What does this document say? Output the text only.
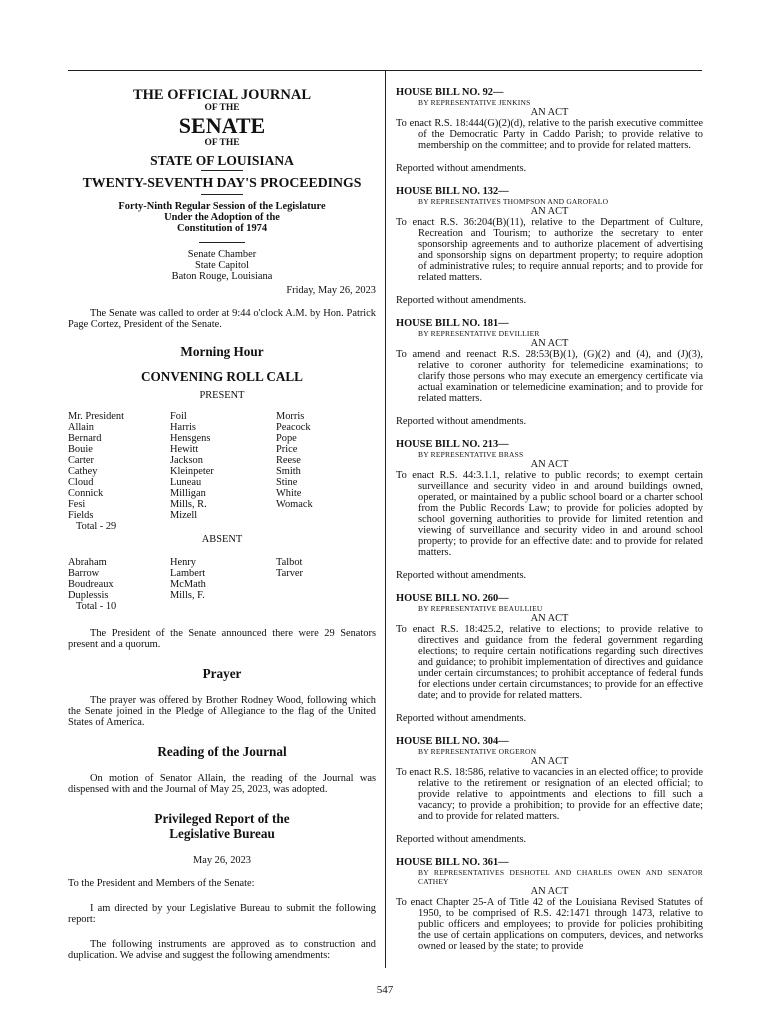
THE OFFICIAL JOURNAL
OF THE
SENATE
OF THE
STATE OF LOUISIANA
TWENTY-SEVENTH DAY'S PROCEEDINGS
Forty-Ninth Regular Session of the Legislature
Under the Adoption of the
Constitution of 1974
Senate Chamber
State Capitol
Baton Rouge, Louisiana
Friday, May 26, 2023

The Senate was called to order at 9:44 o'clock A.M. by Hon. Patrick Page Cortez, President of the Senate.

Morning Hour
CONVENING ROLL CALL
PRESENT
Mr. President
Allain
Bernard
Bouie
Carter
Cathey
Cloud
Connick
Fesi
Fields
Total - 29
Foil
Harris
Hensgens
Hewitt
Jackson
Kleinpeter
Luneau
Milligan
Mills, R.
Mizell
Morris
Peacock
Pope
Price
Reese
Smith
Stine
White
Womack
ABSENT
Abraham
Barrow
Boudreaux
Duplessis
Total - 10
Henry
Lambert
McMath
Mills, F.
Talbot
Tarver

The President of the Senate announced there were 29 Senators present and a quorum.

Prayer

The prayer was offered by Brother Rodney Wood, following which the Senate joined in the Pledge of Allegiance to the flag of the United States of America.

Reading of the Journal

On motion of Senator Allain, the reading of the Journal was dispensed with and the Journal of May 25, 2023, was adopted.

Privileged Report of the
Legislative Bureau
May 26, 2023

To the President and Members of the Senate:

I am directed by your Legislative Bureau to submit the following report:

The following instruments are approved as to construction and duplication. We advise and suggest the following amendments:

HOUSE BILL NO. 92—
BY REPRESENTATIVE JENKINS
AN ACT

To enact R.S. 18:444(G)(2)(d), relative to the parish executive committee of the Democratic Party in Caddo Parish; to provide relative to membership on the committee; and to provide for related matters.

Reported without amendments.

HOUSE BILL NO. 132—
BY REPRESENTATIVES THOMPSON AND GAROFALO
AN ACT

To enact R.S. 36:204(B)(11), relative to the Department of Culture, Recreation and Tourism; to authorize the secretary to enter sponsorship agreements and to authorize placement of advertising and sponsorship signs on department property; to require adoption of administrative rules; to require annual reports; and to provide for related matters.

Reported without amendments.

HOUSE BILL NO. 181—
BY REPRESENTATIVE DEVILLIER
AN ACT

To amend and reenact R.S. 28:53(B)(1), (G)(2) and (4), and (J)(3), relative to coroner authority for telemedicine examinations; to clarify those persons who may execute an emergency certificate via actual examination or telemedicine examination; and to provide for related matters.

Reported without amendments.

HOUSE BILL NO. 213—
BY REPRESENTATIVE BRASS
AN ACT

To enact R.S. 44:3.1.1, relative to public records; to exempt certain surveillance and security video in and around buildings owned, operated, or maintained by a public school board or a charter school from the Public Records Law; to provide for policies adopted by school governing authorities to provide for limited retention and viewing of surveillance and security video in and around school property; to provide for an effective date: and to provide for related matters.

Reported without amendments.

HOUSE BILL NO. 260—
BY REPRESENTATIVE BEAULLIEU
AN ACT

To enact R.S. 18:425.2, relative to elections; to provide relative to directives and guidance from the federal government regarding elections; to require certain notifications regarding such directives and guidance; to prohibit implementation of directives and guidance under certain circumstances; to prohibit acceptance of federal funds for elections under certain circumstances; to provide for an effective date; and to provide for related matters.

Reported without amendments.

HOUSE BILL NO. 304—
BY REPRESENTATIVE ORGERON
AN ACT

To enact R.S. 18:586, relative to vacancies in an elected office; to provide relative to the retirement or resignation of an elected official; to provide relative to appointments and elections to fill such a vacancy; to provide a prohibition; to provide for an effective date; and to provide for related matters.

Reported without amendments.

HOUSE BILL NO. 361—
BY REPRESENTATIVES DESHOTEL AND CHARLES OWEN AND SENATOR CATHEY
AN ACT

To enact Chapter 25-A of Title 42 of the Louisiana Revised Statutes of 1950, to be comprised of R.S. 42:1471 through 1473, relative to public officers and employees; to provide for policies prohibiting the use of certain applications on computers, devices, and networks owned or leased by the state; to provide

547
